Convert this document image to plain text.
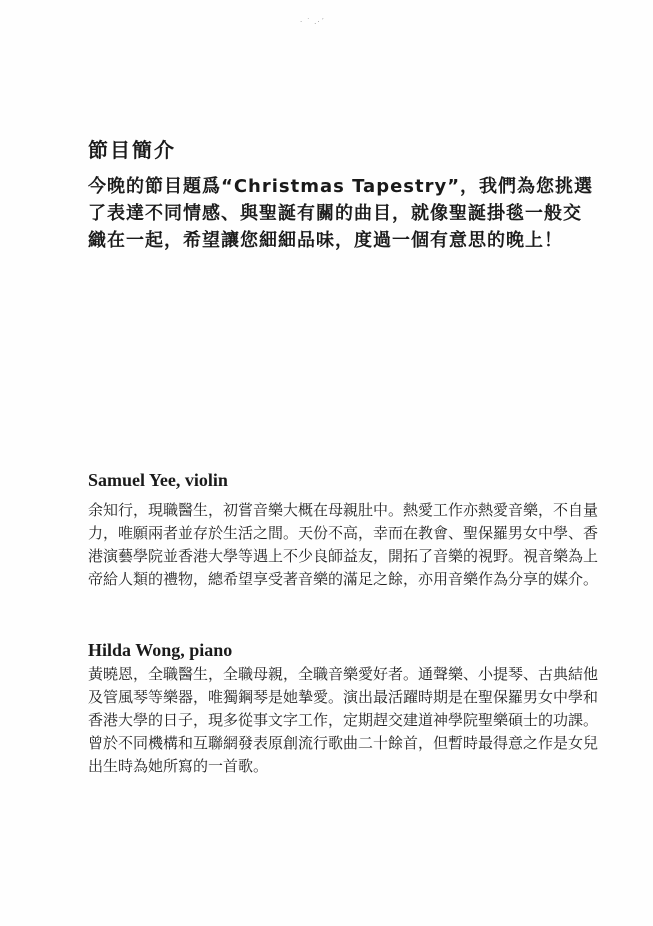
· ˙ .·´
節目簡介

今晚的節目題爲“Christmas Tapestry”，我們為您挑選了表達不同情感、與聖誕有關的曲目，就像聖誕掛毯一般交織在一起，希望讓您細細品味，度過一個有意思的晚上！

Samuel Yee, violin

余知行，現職醫生，初嘗音樂大概在母親肚中。熱愛工作亦熱愛音樂，不自量力，唯願兩者並存於生活之間。天份不高，幸而在教會、聖保羅男女中學、香港演藝學院並香港大學等遇上不少良師益友，開拓了音樂的視野。視音樂為上帝給人類的禮物，總希望享受著音樂的滿足之餘，亦用音樂作為分享的媒介。

Hilda Wong, piano

黃曉恩，全職醫生，全職母親，全職音樂愛好者。通聲樂、小提琴、古典結他及管風琴等樂器，唯獨鋼琴是她摯愛。演出最活躍時期是在聖保羅男女中學和香港大學的日子，現多從事文字工作，定期趕交建道神學院聖樂碩士的功課。曾於不同機構和互聯網發表原創流行歌曲二十餘首，但暫時最得意之作是女兒出生時為她所寫的一首歌。
